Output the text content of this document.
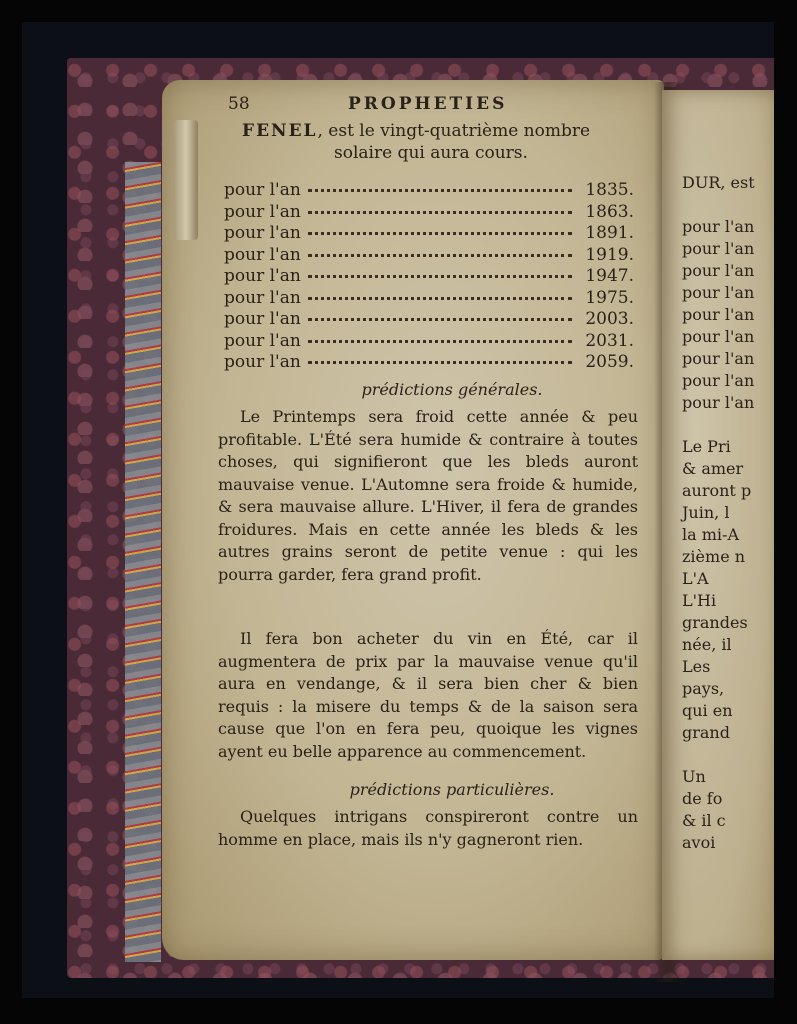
58	PROPHETIES
FENEL, est le vingt-quatrième nombre
solaire qui aura cours.
pour l'an	1835.
pour l'an	1863.
pour l'an	1891.
pour l'an	1919.
pour l'an	1947.
pour l'an	1975.
pour l'an	2003.
pour l'an	2031.
pour l'an	2059.
prédictions générales.
Le Printemps sera froid cette année & peu profitable. L'Été sera humide & contraire à toutes choses, qui signifieront que les bleds auront mauvaise venue. L'Automne sera froide & humide, & sera mauvaise allure. L'Hiver, il fera de grandes froidures. Mais en cette année les bleds & les autres grains seront de petite venue : qui les pourra garder, fera grand profit.
Il fera bon acheter du vin en Été, car il augmentera de prix par la mauvaise venue qu'il aura en vendange, & il sera bien cher & bien requis : la misere du temps & de la saison sera cause que l'on en fera peu, quoique les vignes ayent eu belle apparence au commencement.
prédictions particulières.
Quelques intrigans conspireront contre un homme en place, mais ils n'y gagneront rien.
DUR, est
pour l'an
pour l'an
pour l'an
pour l'an
pour l'an
pour l'an
pour l'an
pour l'an
pour l'an
Le Pri
& amer
auront p
Juin, l
la mi-A
zième n
L'A
L'Hi
grandes
née, il
Les
pays,
qui en
grand
Un
de fo
& il c
avoi
